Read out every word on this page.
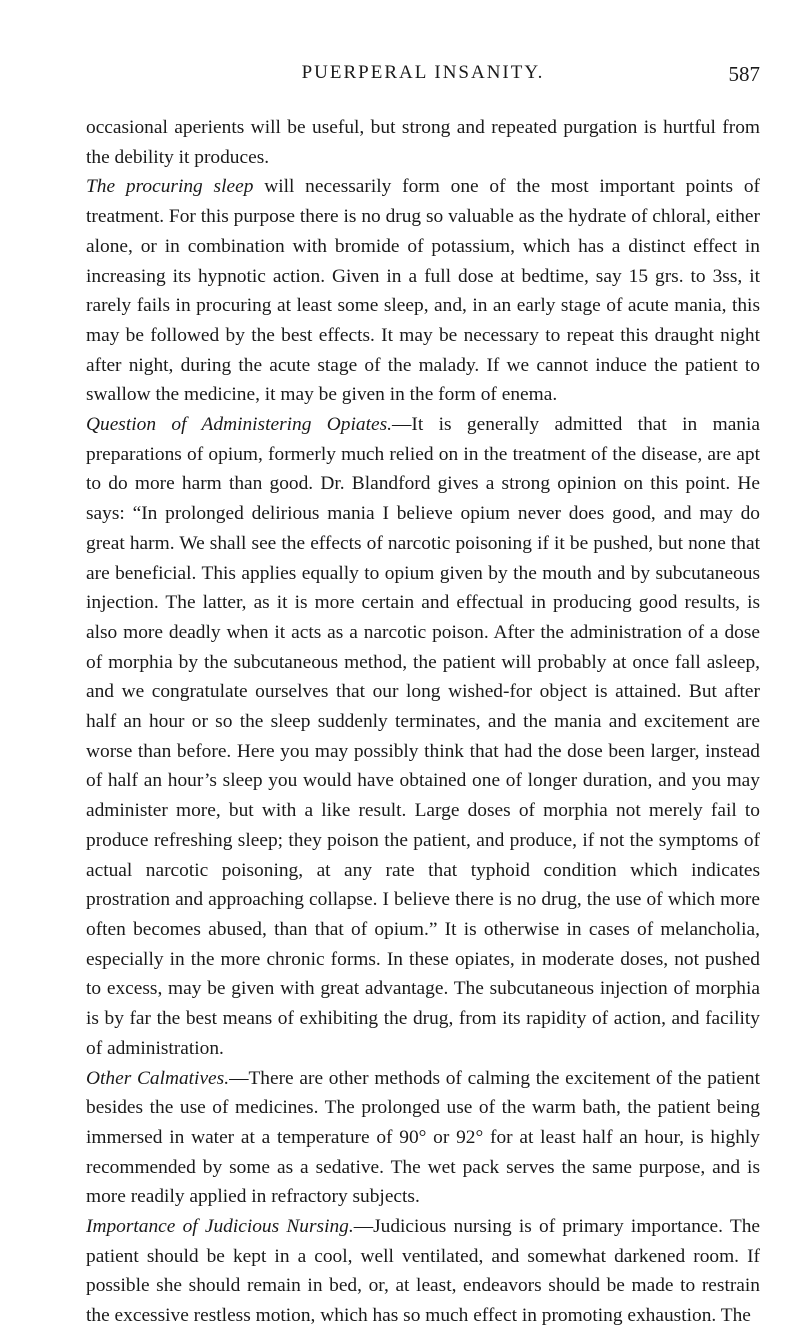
PUERPERAL INSANITY.	587

occasional aperients will be useful, but strong and repeated purgation is hurtful from the debility it produces.

The procuring sleep will necessarily form one of the most important points of treatment. For this purpose there is no drug so valuable as the hydrate of chloral, either alone, or in combination with bromide of potassium, which has a distinct effect in increasing its hypnotic action. Given in a full dose at bedtime, say 15 grs. to 3ss, it rarely fails in procuring at least some sleep, and, in an early stage of acute mania, this may be followed by the best effects. It may be necessary to repeat this draught night after night, during the acute stage of the malady. If we cannot induce the patient to swallow the medicine, it may be given in the form of enema.

Question of Administering Opiates.—It is generally admitted that in mania preparations of opium, formerly much relied on in the treatment of the disease, are apt to do more harm than good. Dr. Blandford gives a strong opinion on this point. He says: “In prolonged delirious mania I believe opium never does good, and may do great harm. We shall see the effects of narcotic poisoning if it be pushed, but none that are beneficial. This applies equally to opium given by the mouth and by subcutaneous injection. The latter, as it is more certain and effectual in producing good results, is also more deadly when it acts as a narcotic poison. After the administration of a dose of morphia by the subcutaneous method, the patient will probably at once fall asleep, and we congratulate ourselves that our long wished-for object is attained. But after half an hour or so the sleep suddenly terminates, and the mania and excitement are worse than before. Here you may possibly think that had the dose been larger, instead of half an hour’s sleep you would have obtained one of longer duration, and you may administer more, but with a like result. Large doses of morphia not merely fail to produce refreshing sleep; they poison the patient, and produce, if not the symptoms of actual narcotic poisoning, at any rate that typhoid condition which indicates prostration and approaching collapse. I believe there is no drug, the use of which more often becomes abused, than that of opium.” It is otherwise in cases of melancholia, especially in the more chronic forms. In these opiates, in moderate doses, not pushed to excess, may be given with great advantage. The subcutaneous injection of morphia is by far the best means of exhibiting the drug, from its rapidity of action, and facility of administration.

Other Calmatives.—There are other methods of calming the excitement of the patient besides the use of medicines. The prolonged use of the warm bath, the patient being immersed in water at a temperature of 90° or 92° for at least half an hour, is highly recommended by some as a sedative. The wet pack serves the same purpose, and is more readily applied in refractory subjects.

Importance of Judicious Nursing.—Judicious nursing is of primary importance. The patient should be kept in a cool, well ventilated, and somewhat darkened room. If possible she should remain in bed, or, at least, endeavors should be made to restrain the excessive restless motion, which has so much effect in promoting exhaustion. The
